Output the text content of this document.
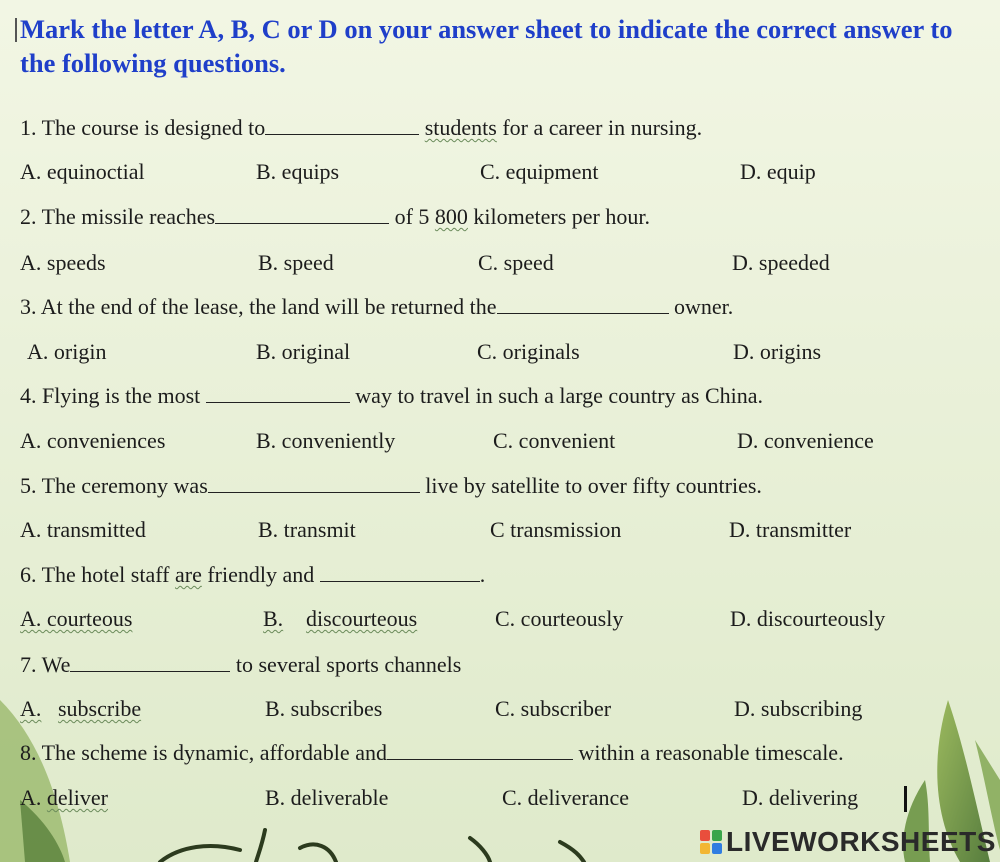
Mark the letter A, B, C or D on your answer sheet to indicate the correct answer to the following questions.
1. The course is designed to	students for a career in nursing.
A. equinoctial	B. equips	C. equipment	D. equip
2. The missile reaches	of 5 800 kilometers per hour.
A. speeds	B. speed	C. speed	D. speeded
3. At the end of the lease, the land will be returned the	owner.
A. origin	B. original	C. originals	D. origins
4. Flying is the most	way to travel in such a large country as China.
A. conveniences	B. conveniently	C. convenient	D. convenience
5. The ceremony was	live by satellite to over fifty countries.
A. transmitted	B. transmit	C transmission	D. transmitter
6. The hotel staff are friendly and	.
A. courteous	B. discourteous	C. courteously	D. discourteously
7. We	to several sports channels
A. subscribe	B. subscribes	C. subscriber	D. subscribing
8. The scheme is dynamic, affordable and	within a reasonable timescale.
A. deliver	B. deliverable	C. deliverance	D. delivering
LIVEWORKSHEETS
